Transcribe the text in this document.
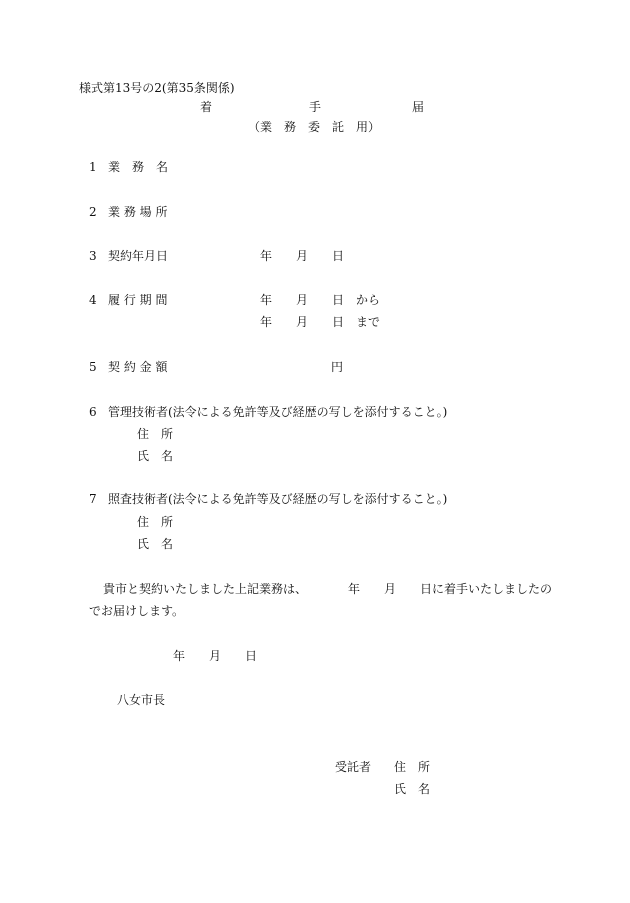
様式第13号の2(第35条関係)
着	手	届
（業　務　委　託　用）
1 業　務　名
2 業 務 場 所
3 契約年月日	年　　月　　日
4 履 行 期 間	年　　月　　日　から
年　　月　　日　まで
5 契 約 金 額	円
6 管理技術者(法令による免許等及び経歴の写しを添付すること。)
住　所
氏　名
7 照査技術者(法令による免許等及び経歴の写しを添付すること。)
住　所
氏　名
貴市と契約いたしました上記業務は、	年　　月　　日に着手いたしましたの
でお届けします。
年　　月　　日
八女市長
受託者 住　所
氏　名
